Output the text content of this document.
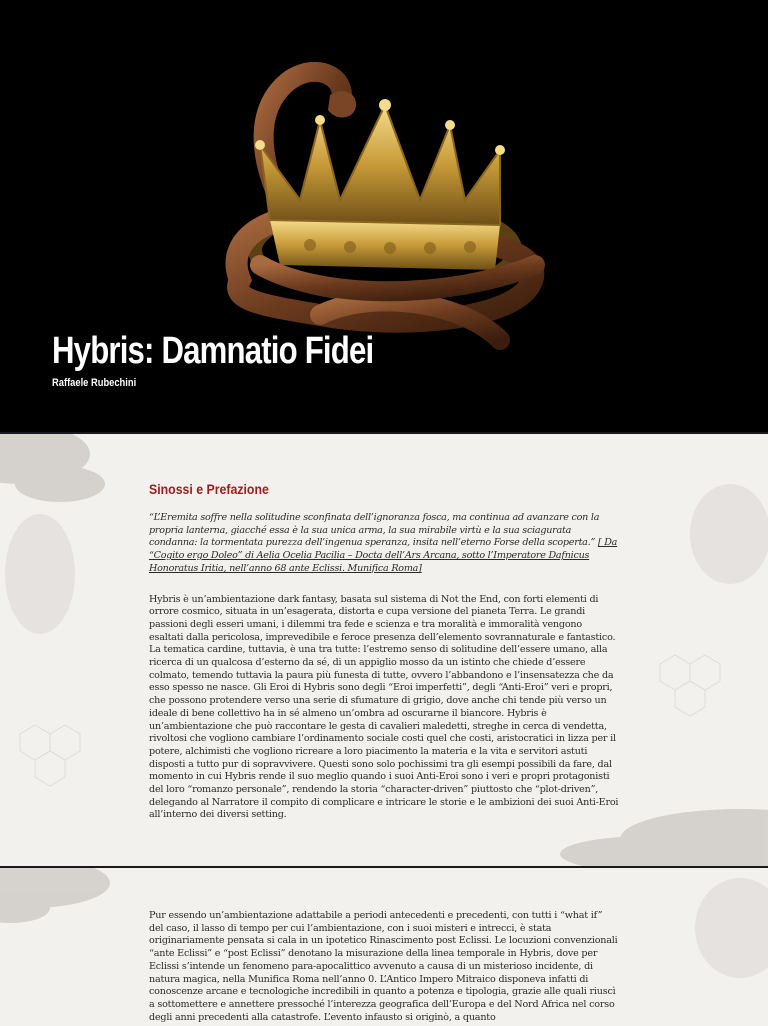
Hybris: Damnatio Fidei

Raffaele Rubechini

Sinossi e Prefazione

“L’Eremita soffre nella solitudine sconfinata dell’ignoranza fosca, ma continua ad avanzare con la propria lanterna, giacché essa è la sua unica arma, la sua mirabile virtù e la sua sciagurata condanna: la tormentata purezza dell’ingenua speranza, insita nell’eterno Forse della scoperta.” [ Da “Cogito ergo Doleo” di Aelia Ocelia Pacilia – Docta dell’Ars Arcana, sotto l’Imperatore Dafnicus Honoratus Iritia, nell’anno 68 ante Eclissi. Munifica Roma]

Hybris è un’ambientazione dark fantasy, basata sul sistema di Not the End, con forti elementi di orrore cosmico, situata in un’esagerata, distorta e cupa versione del pianeta Terra. Le grandi passioni degli esseri umani, i dilemmi tra fede e scienza e tra moralità e immoralità vengono esaltati dalla pericolosa, imprevedibile e feroce presenza dell’elemento sovrannaturale e fantastico. La tematica cardine, tuttavia, è una tra tutte: l’estremo senso di solitudine dell’essere umano, alla ricerca di un qualcosa d’esterno da sé, di un appiglio mosso da un istinto che chiede d’essere colmato, temendo tuttavia la paura più funesta di tutte, ovvero l’abbandono e l’insensatezza che da esso spesso ne nasce. Gli Eroi di Hybris sono degli “Eroi imperfetti”, degli “Anti-Eroi” veri e propri, che possono protendere verso una serie di sfumature di grigio, dove anche chi tende più verso un ideale di bene collettivo ha in sé almeno un’ombra ad oscurarne il biancore. Hybris è un’ambientazione che può raccontare le gesta di cavalieri maledetti, streghe in cerca di vendetta, rivoltosi che vogliono cambiare l’ordinamento sociale costi quel che costi, aristocratici in lizza per il potere, alchimisti che vogliono ricreare a loro piacimento la materia e la vita e servitori astuti disposti a tutto pur di sopravvivere. Questi sono solo pochissimi tra gli esempi possibili da fare, dal momento in cui Hybris rende il suo meglio quando i suoi Anti-Eroi sono i veri e propri protagonisti del loro “romanzo personale”, rendendo la storia “character-driven” piuttosto che “plot-driven”, delegando al Narratore il compito di complicare e intricare le storie e le ambizioni dei suoi Anti-Eroi all’interno dei diversi setting.

Pur essendo un’ambientazione adattabile a periodi antecedenti e precedenti, con tutti i “what if” del caso, il lasso di tempo per cui l’ambientazione, con i suoi misteri e intrecci, è stata originariamente pensata si cala in un ipotetico Rinascimento post Eclissi. Le locuzioni convenzionali “ante Eclissi” e “post Eclissi” denotano la misurazione della linea temporale in Hybris, dove per Eclissi s’intende un fenomeno para-apocalittico avvenuto a causa di un misterioso incidente, di natura magica, nella Munifica Roma nell’anno 0. L’Antico Impero Mitraico disponeva infatti di conoscenze arcane e tecnologiche incredibili in quanto a potenza e tipologia, grazie alle quali riuscì a sottomettere e annettere pressoché l’interezza geografica dell’Europa e del Nord Africa nel corso degli anni precedenti alla catastrofe. L’evento infausto si originò, a quanto
